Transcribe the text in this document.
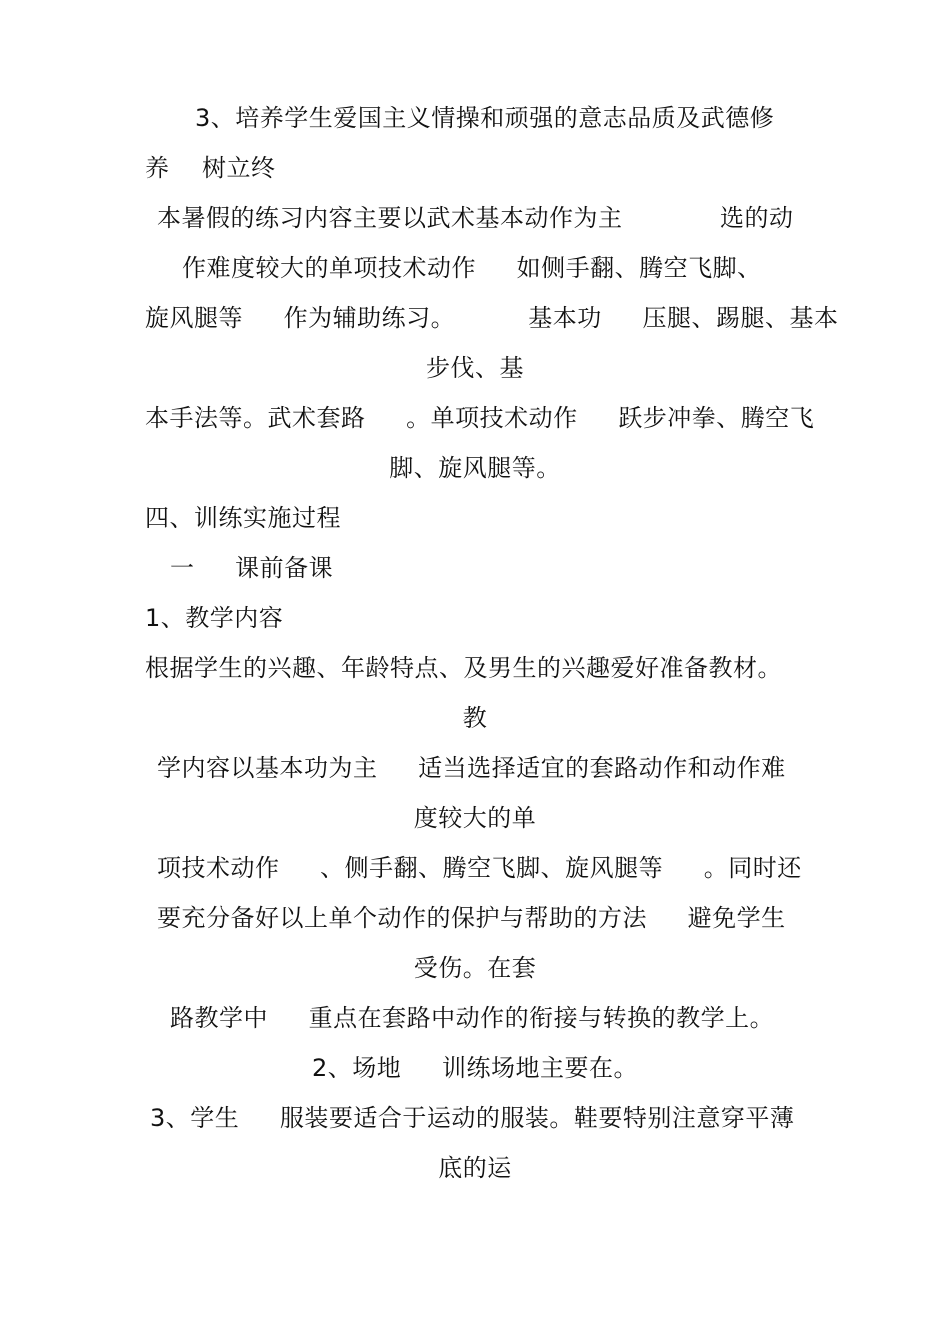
3、培养学生爱国主义情操和顽强的意志品质及武德修
养    树立终
本暑假的练习内容主要以武术基本动作为主            选的动
作难度较大的单项技术动作     如侧手翻、腾空飞脚、
旋风腿等     作为辅助练习。         基本功     压腿、踢腿、基本
步伐、基
本手法等。武术套路     。单项技术动作     跃步冲拳、腾空飞
脚、旋风腿等。
四、训练实施过程
一     课前备课
1、教学内容
根据学生的兴趣、年龄特点、及男生的兴趣爱好准备教材。
教
学内容以基本功为主     适当选择适宜的套路动作和动作难
度较大的单
项技术动作     、侧手翻、腾空飞脚、旋风腿等     。同时还
要充分备好以上单个动作的保护与帮助的方法     避免学生
受伤。在套
路教学中     重点在套路中动作的衔接与转换的教学上。
2、场地     训练场地主要在。
3、学生     服装要适合于运动的服装。鞋要特别注意穿平薄
底的运
